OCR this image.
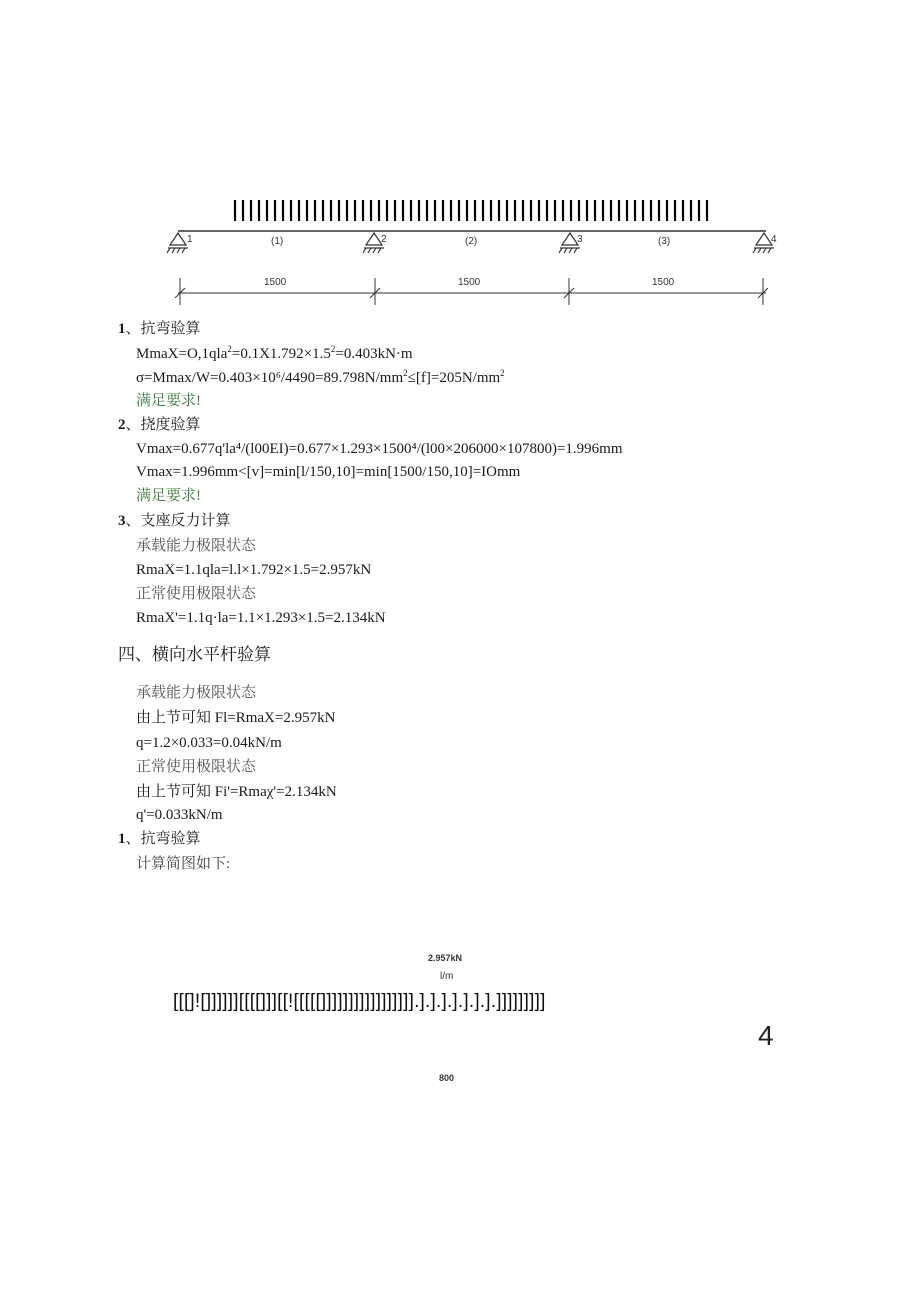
1	2	3	4
(1)	(2)	(3)
1500	1500	1500
1、抗弯验算
$MmaX=O,1qla^2=0.1X1.792\times 1.5^2=0.403kN\cdot m$
$\sigma=Mmax/W=0.403\times 10^6/4490=89.798N/mm^2\le[f]=205N/mm^2$
满足要求!
2、挠度验算
Vmax=0.677q'la⁴/(l00EI)=0.677×1.293×1500⁴/(l00×206000×107800)=1.996mm
Vmax=1.996mm<[v]=min[l/150,10]=min[1500/150,10]=IOmm
满足要求!
3、支座反力计算
承载能力极限状态
RmaX=1.1qla=l.l×1.792×1.5=2.957kN
正常使用极限状态
RmaX'=1.1q·la=1.1×1.293×1.5=2.134kN
四、横向水平杆验算
承载能力极限状态
由上节可知 Fl=RmaX=2.957kN
q=1.2×0.033=0.04kN/m
正常使用极限状态
由上节可知 Fi'=Rmaχ'=2.134kN
q'=0.033kN/m
1、抗弯验算
计算简图如下:
2.957kN
l/m
[[[]![]]]]]][[[[]]][[![[[[[]]]]]]]]]]]]]]]]].].].].].].].].]]]]]]]]]
800
4
